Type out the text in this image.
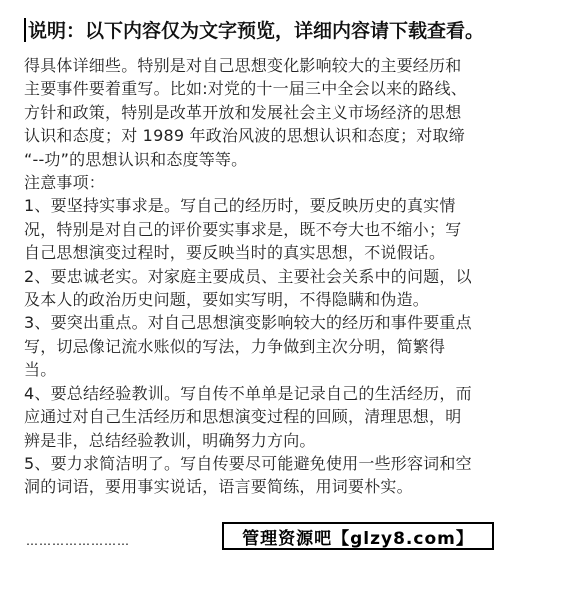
说明：以下内容仅为文字预览，详细内容请下载查看。

得具体详细些。特别是对自己思想变化影响较大的主要经历和

主要事件要着重写。比如:对党的十一届三中全会以来的路线、

方针和政策，特别是改革开放和发展社会主义市场经济的思想

认识和态度；对 1989 年政治风波的思想认识和态度；对取缔

“--功”的思想认识和态度等等。

注意事项：

1、要坚持实事求是。写自己的经历时，要反映历史的真实情

况，特别是对自己的评价要实事求是，既不夸大也不缩小；写

自己思想演变过程时，要反映当时的真实思想，不说假话。

2、要忠诚老实。对家庭主要成员、主要社会关系中的问题，以

及本人的政治历史问题，要如实写明，不得隐瞒和伪造。

3、要突出重点。对自己思想演变影响较大的经历和事件要重点

写，切忌像记流水账似的写法，力争做到主次分明，简繁得

当。

4、要总结经验教训。写自传不单单是记录自己的生活经历，而

应通过对自己生活经历和思想演变过程的回顾，清理思想，明

辨是非，总结经验教训，明确努力方向。

5、要力求简洁明了。写自传要尽可能避免使用一些形容词和空

洞的词语，要用事实说话，语言要简练，用词要朴实。

……………………	管理资源吧【glzy8.com】
